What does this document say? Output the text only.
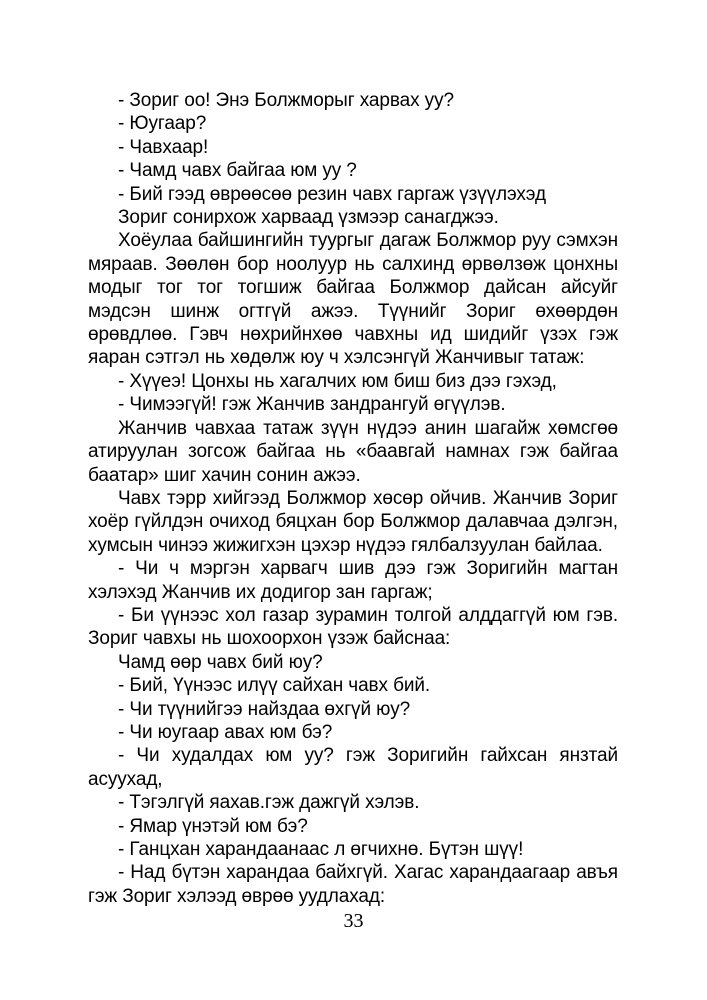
- Зориг оо! Энэ Болжморыг харвах уу?

- Юугаар?

- Чавхаар!

- Чамд чавх байгаа юм уу ?

- Бий гээд өврөөсөө резин чавх гаргаж үзүүлэхэд

Зориг сонирхож харваад үзмээр санагджээ.

Хоёулаа байшингийн туургыг дагаж Болжмор руу сэмхэн мяраав. Зөөлөн бор ноолуур нь салхинд өрвөлзөж цонхны модыг тог тог тогшиж байгаа Болжмор дайсан айсуйг мэдсэн шинж огтгүй ажээ. Түүнийг Зориг өхөөрдөн өрөвдлөө. Гэвч нөхрийнхөө чавхны ид шидийг үзэх гэж яаран сэтгэл нь хөдөлж юу ч хэлсэнгүй Жанчивыг татаж:

- Хүүеэ! Цонхы нь хагалчих юм биш биз дээ гэхэд,

- Чимээгүй! гэж Жанчив зандрангуй өгүүлэв.

Жанчив чавхаа татаж зүүн нүдээ анин шагайж хөмсгөө атируулан зогсож байгаа нь «баавгай намнах гэж байгаа баатар» шиг хачин сонин ажээ.

Чавх тэрр хийгээд Болжмор хөсөр ойчив. Жанчив Зориг хоёр гүйлдэн очиход бяцхан бор Болжмор далавчаа дэлгэн, хумсын чинээ жижигхэн цэхэр нүдээ гялбалзуулан байлаа.

- Чи ч мэргэн харвагч шив дээ гэж Зоригийн магтан хэлэхэд Жанчив их додигор зан гаргаж;

- Би үүнээс хол газар зурамин толгой алддаггүй юм гэв. Зориг чавхы нь шохоорхон үзэж байснаа:

Чамд өөр чавх бий юу?

- Бий, Үүнээс илүү сайхан чавх бий.

- Чи түүнийгээ найздаа өхгүй юу?

- Чи юугаар авах юм бэ?

- Чи худалдах юм уу? гэж Зоригийн гайхсан янзтай асуухад,

- Тэгэлгүй яахав.гэж дажгүй хэлэв.

- Ямар үнэтэй юм бэ?

- Ганцхан харандаанаас л өгчихнө. Бүтэн шүү!

- Над бүтэн харандаа байхгүй. Хагас харандаагаар авъя гэж Зориг хэлээд өврөө уудлахад:

33
